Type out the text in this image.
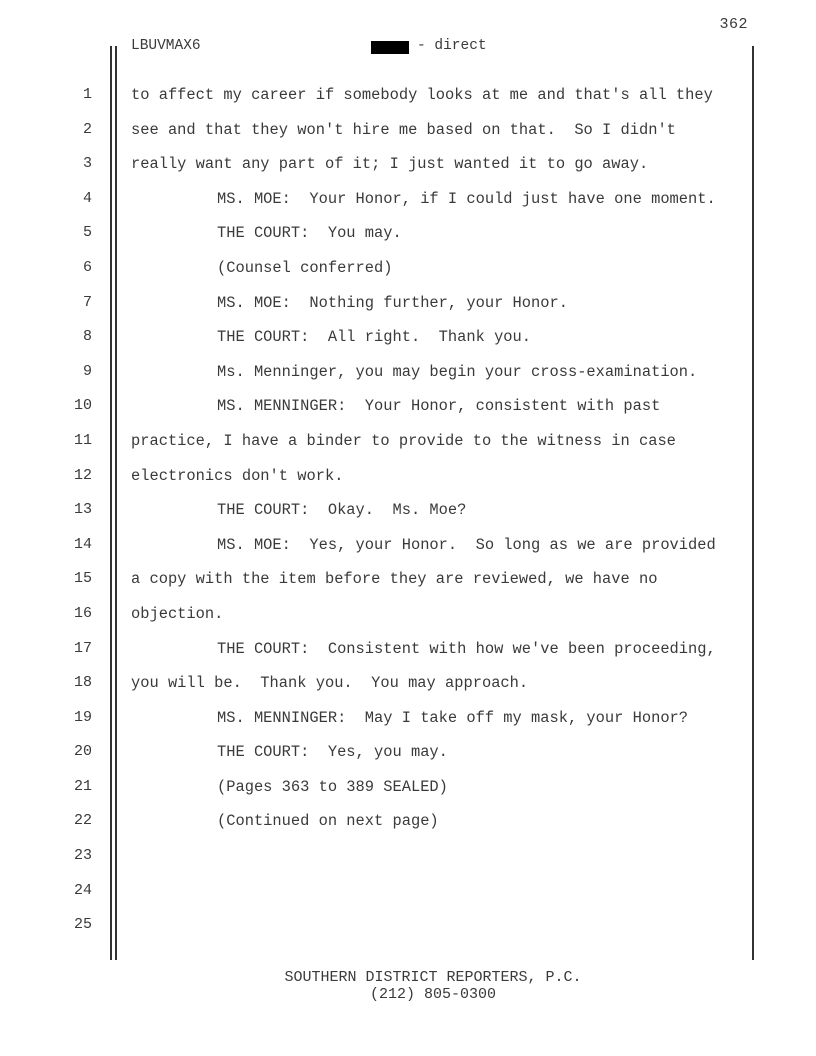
362
LBUVMAX6	- direct
1	to affect my career if somebody looks at me and that's all they
2	see and that they won't hire me based on that.  So I didn't
3	really want any part of it; I just wanted it to go away.
4	MS. MOE:  Your Honor, if I could just have one moment.
5	THE COURT:  You may.
6	(Counsel conferred)
7	MS. MOE:  Nothing further, your Honor.
8	THE COURT:  All right.  Thank you.
9	Ms. Menninger, you may begin your cross-examination.
10	MS. MENNINGER:  Your Honor, consistent with past
11	practice, I have a binder to provide to the witness in case
12	electronics don't work.
13	THE COURT:  Okay.  Ms. Moe?
14	MS. MOE:  Yes, your Honor.  So long as we are provided
15	a copy with the item before they are reviewed, we have no
16	objection.
17	THE COURT:  Consistent with how we've been proceeding,
18	you will be.  Thank you.  You may approach.
19	MS. MENNINGER:  May I take off my mask, your Honor?
20	THE COURT:  Yes, you may.
21	(Pages 363 to 389 SEALED)
22	(Continued on next page)
23
24
25
SOUTHERN DISTRICT REPORTERS, P.C.
(212) 805-0300
